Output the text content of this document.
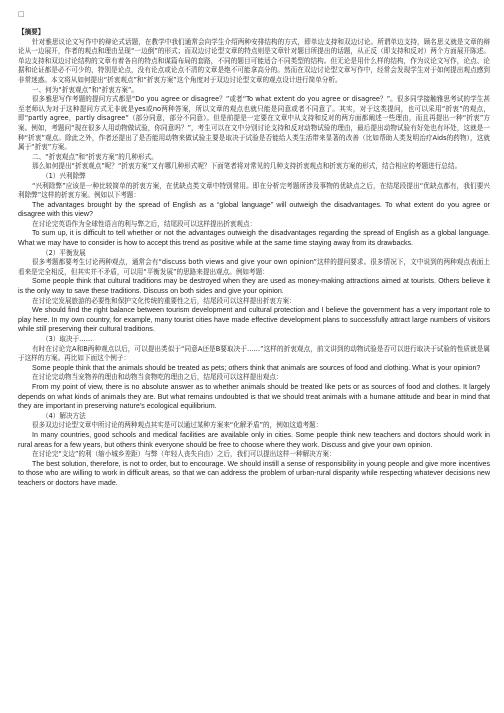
□

【摘要】

针对雅思议论文写作中的辩论式话题，在教学中我们通常会向学生介绍两种安排结构的方式，即单边支持和双边讨论。所谓单边支持，顾名思义就是文章的辩论从一边展开，作者的观点和理由呈现“一边倒”的形式；而双边讨论型文章的特点则是文章针对题目所提出的话题，从正反（即支持和反对）两个方面展开陈述。单边支持和双边讨论结构的文章有着各自的特点和谋篇布局的套路，不同的题目可能适合不同类型的结构。但无论是用什么样的结构，作为议论文写作，论点、论据和论证都是必不可少的，特别是论点，没有论点或论点不清的文章是绝不可能拿高分的。然而在双边讨论型文章写作中，经常会发现学生对于如何提出观点感到非常迷惑。本文将从如何提出“折衷观点”和“折衷方案”这个角度对于双边讨论型文章的观点设计进行简单分析。

一、何为“折衷观点”和“折衷方案”。

很多雅思写作考题的提问方式都是“Do you agree or disagree？”或者“To what extent do you agree or disagree？”。很多同学接触雅思考试的学生甚至老师认为对于这种提问方式无非就是yes或no两种答案，所以文章的观点也就只能是同意或者不同意了。其实，对于这类提问，也可以采用“折衷”的观点，即“partly agree，partly disagree”（部分同意，部分不同意）。但是前提是一定要在文章中从支持和反对的两方面都阐述一些理由，而且再提出一种“折衷”方案。例如，考题问“现在很多人用动物做试验，你同意吗？”，考生可以在文中分别讨论支持和反对动物试验的理由，最后提出动物试验有好处也有坏处，这就是一种“折衷”观点。除此之外，作者还提出了是否能用动物来做试验主要是取决于试验是否能给人类生活带来显著的改善（比如帮助人类发明治疗Aids的药物），这就属于“折衷”方案。

二、“折衷观点”和“折衷方案”的几种形式。

那么如何提出“折衷观点”呢？“折衷方案”又有哪几种形式呢？下面笔者将对常见的几种支持折衷观点和折衷方案的形式，结合相应的考题进行总结。

（1）兴利除弊

“兴利除弊”应该是一种比较简单的折衷方案，在优缺点类文章中特别常用。即在分析完考题所涉及事物的优缺点之后，在结尾段提出“优缺点都有，我们要兴利除弊”这样的折衷方案。例如以下考题：

The advantages brought by the spread of English as a “global language” will outweigh the disadvantages. To what extent do you agree or disagree with this view?

在讨论完英语作为全球性语言的利与弊之后，结尾段可以这样提出折衷观点：

To sum up, it is difficult to tell whether or not the advantages outweigh the disadvantages regarding the spread of English as a global language. What we may have to consider is how to accept this trend as positive while at the same time staying away from its drawbacks.

（2）平衡发展

很多考题都要考生讨论两种观点，通常会有“discuss both views and give your own opinion”这样的提问要求。很多情况下，文中说到的两种观点表面上看来是完全相反，但其实并不矛盾，可以用“平衡发展”的思路来提出观点。例如考题：

Some people think that cultural traditions may be destroyed when they are used as money-making attractions aimed at tourists. Others believe it is the only way to save these traditions. Discuss on both sides and give your opinion.

在讨论完发展旅游的必要性和保护文化传统的重要性之后，结尾段可以这样提出折衷方案：

We should find the right balance between tourism development and cultural protection and I believe the government has a very important role to play here. In my own country, for example, many tourist cities have made effective development plans to successfully attract large numbers of visitors while still preserving their cultural traditions.

（3）取决于……

有时在讨论完A和B两种观点以后，可以提出类似于“同意A还是B要取决于……”这样的折衷观点，前文讲到的动物试验是否可以进行取决于试验的性质就是属于这样的方案。再比如下面这个例子：

Some people think that the animals should be treated as pets; others think that animals are sources of food and clothing. What is your opinion?

在讨论完动物当宠物养的理由和动物当食物吃的理由之后，结尾段可以这样提出观点：

From my point of view, there is no absolute answer as to whether animals should be treated like pets or as sources of food and clothes. It largely depends on what kinds of animals they are. But what remains undoubted is that we should treat animals with a humane attitude and bear in mind that they are important in preserving nature’s ecological equilibrium.

（4）解决方法

很多双边讨论型文章中所讨论的两种观点其实是可以通过某种方案来“化解矛盾”的，例如这道考题：

In many countries, good schools and medical facilities are available only in cities. Some people think new teachers and doctors should work in rural areas for a few years, but others think everyone should be free to choose where they work. Discuss and give your own opinion.

在讨论完“支边”的利（缩小城乡差距）与弊（年轻人丧失自由）之后，我们可以提出这样一种解决方案：

The best solution, therefore, is not to order, but to encourage. We should instill a sense of responsibility in young people and give more incentives to those who are willing to work in difficult areas, so that we can address the problem of urban-rural disparity while respecting whatever decisions new teachers or doctors have made.
